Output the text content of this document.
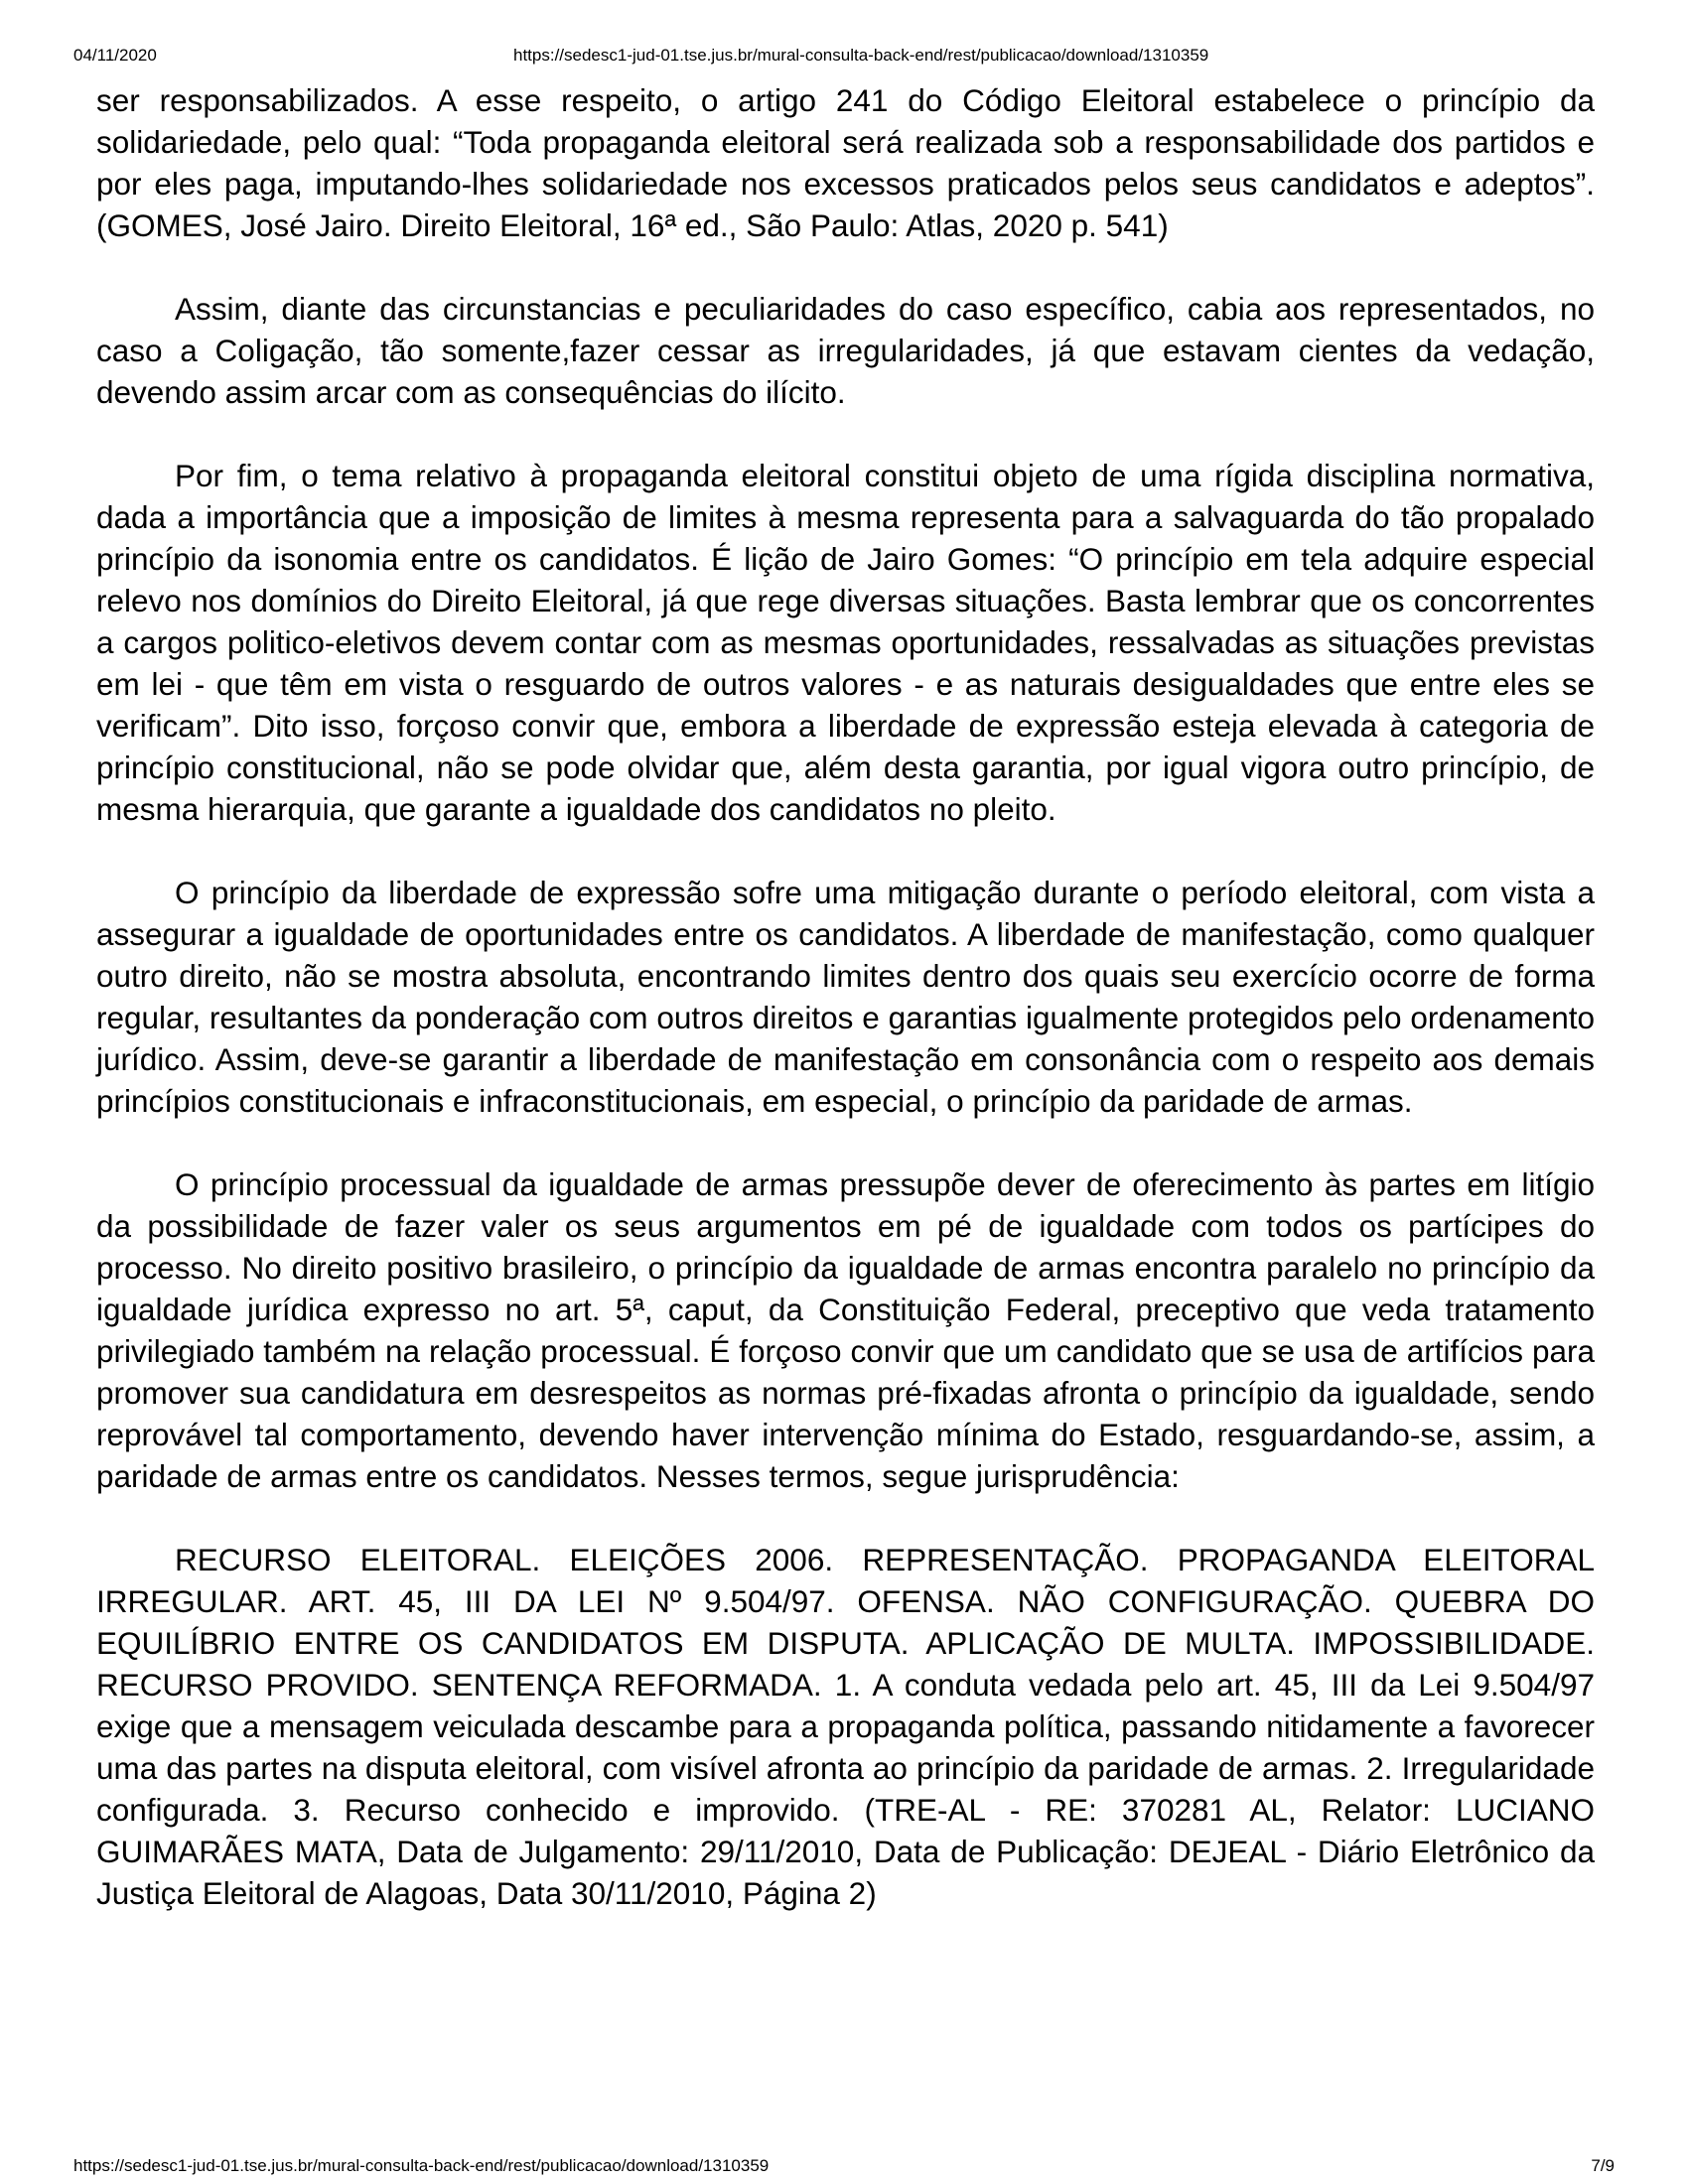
04/11/2020	https://sedesc1-jud-01.tse.jus.br/mural-consulta-back-end/rest/publicacao/download/1310359

ser responsabilizados. A esse respeito, o artigo 241 do Código Eleitoral estabelece o princípio da solidariedade, pelo qual: “Toda propaganda eleitoral será realizada sob a responsabilidade dos partidos e por eles paga, imputando-lhes solidariedade nos excessos praticados pelos seus candidatos e adeptos”. (GOMES, José Jairo. Direito Eleitoral, 16ª ed., São Paulo: Atlas, 2020 p. 541)

Assim, diante das circunstancias e peculiaridades do caso específico, cabia aos representados, no caso a Coligação, tão somente,fazer cessar as irregularidades, já que estavam cientes da vedação, devendo assim arcar com as consequências do ilícito.

Por fim, o tema relativo à propaganda eleitoral constitui objeto de uma rígida disciplina normativa, dada a importância que a imposição de limites à mesma representa para a salvaguarda do tão propalado princípio da isonomia entre os candidatos. É lição de Jairo Gomes: “O princípio em tela adquire especial relevo nos domínios do Direito Eleitoral, já que rege diversas situações. Basta lembrar que os concorrentes a cargos politico-eletivos devem contar com as mesmas oportunidades, ressalvadas as situações previstas em lei - que têm em vista o resguardo de outros valores - e as naturais desigualdades que entre eles se verificam”. Dito isso, forçoso convir que, embora a liberdade de expressão esteja elevada à categoria de princípio constitucional, não se pode olvidar que, além desta garantia, por igual vigora outro princípio, de mesma hierarquia, que garante a igualdade dos candidatos no pleito.

O princípio da liberdade de expressão sofre uma mitigação durante o período eleitoral, com vista a assegurar a igualdade de oportunidades entre os candidatos. A liberdade de manifestação, como qualquer outro direito, não se mostra absoluta, encontrando limites dentro dos quais seu exercício ocorre de forma regular, resultantes da ponderação com outros direitos e garantias igualmente protegidos pelo ordenamento jurídico. Assim, deve-se garantir a liberdade de manifestação em consonância com o respeito aos demais princípios constitucionais e infraconstitucionais, em especial, o princípio da paridade de armas.

O princípio processual da igualdade de armas pressupõe dever de oferecimento às partes em litígio da possibilidade de fazer valer os seus argumentos em pé de igualdade com todos os partícipes do processo. No direito positivo brasileiro, o princípio da igualdade de armas encontra paralelo no princípio da igualdade jurídica expresso no art. 5ª, caput, da Constituição Federal, preceptivo que veda tratamento privilegiado também na relação processual. É forçoso convir que um candidato que se usa de artifícios para promover sua candidatura em desrespeitos as normas pré-fixadas afronta o princípio da igualdade, sendo reprovável tal comportamento, devendo haver intervenção mínima do Estado, resguardando-se, assim, a paridade de armas entre os candidatos. Nesses termos, segue jurisprudência:

RECURSO ELEITORAL. ELEIÇÕES 2006. REPRESENTAÇÃO. PROPAGANDA ELEITORAL IRREGULAR. ART. 45, III DA LEI Nº 9.504/97. OFENSA. NÃO CONFIGURAÇÃO. QUEBRA DO EQUILÍBRIO ENTRE OS CANDIDATOS EM DISPUTA. APLICAÇÃO DE MULTA. IMPOSSIBILIDADE. RECURSO PROVIDO. SENTENÇA REFORMADA. 1. A conduta vedada pelo art. 45, III da Lei 9.504/97 exige que a mensagem veiculada descambe para a propaganda política, passando nitidamente a favorecer uma das partes na disputa eleitoral, com visível afronta ao princípio da paridade de armas. 2. Irregularidade configurada. 3. Recurso conhecido e improvido. (TRE-AL - RE: 370281 AL, Relator: LUCIANO GUIMARÃES MATA, Data de Julgamento: 29/11/2010, Data de Publicação: DEJEAL - Diário Eletrônico da Justiça Eleitoral de Alagoas, Data 30/11/2010, Página 2)

https://sedesc1-jud-01.tse.jus.br/mural-consulta-back-end/rest/publicacao/download/1310359	7/9
